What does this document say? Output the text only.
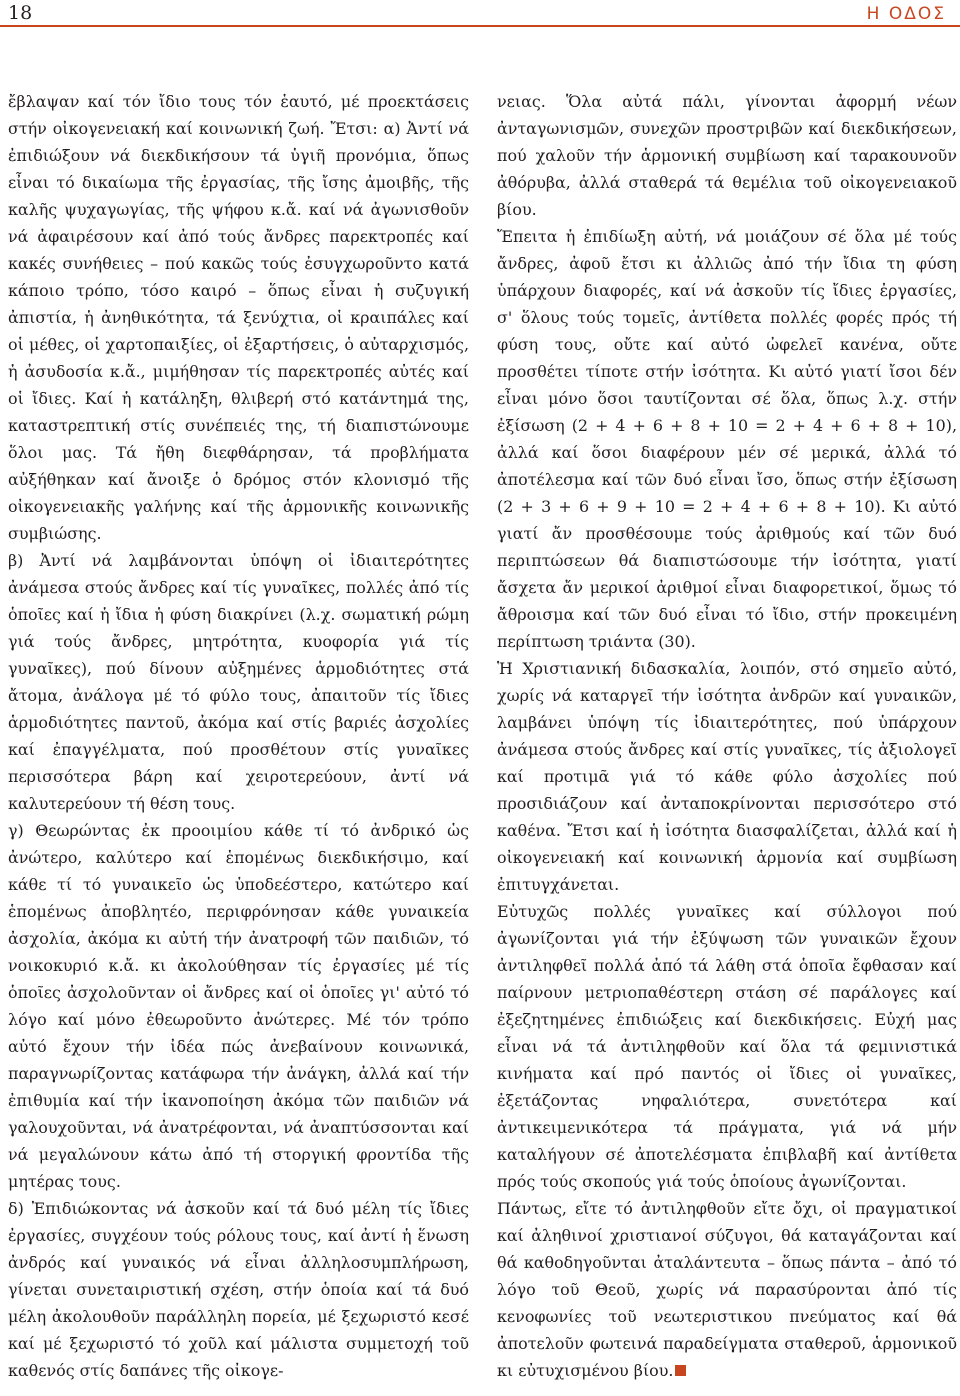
18	Η ΟΔΟΣ

ἔβλαψαν καί τόν ἴδιο τους τόν ἑαυτό, μέ προεκτάσεις στήν οἰκογενειακή καί κοινωνική ζωή. Ἔτσι: α) Ἀντί νά ἐπιδιώξουν νά διεκδικήσουν τά ὑγιῆ προνόμια, ὅπως εἶναι τό δικαίωμα τῆς ἐργασίας, τῆς ἴσης ἀμοιβῆς, τῆς καλῆς ψυχαγωγίας, τῆς ψήφου κ.ἄ. καί νά ἀγωνισθοῦν νά ἀφαιρέσουν καί ἀπό τούς ἄνδρες παρεκτροπές καί κακές συνήθειες – πού κακῶς τούς ἐσυγχωροῦντο κατά κάποιο τρόπο, τόσο καιρό – ὅπως εἶναι ἡ συζυγική ἀπιστία, ἡ ἀνηθικότητα, τά ξενύχτια, οἱ κραιπάλες καί οἱ μέθες, οἱ χαρτοπαιξίες, οἱ ἐξαρτήσεις, ὁ αὐταρχισμός, ἡ ἀσυδοσία κ.ἄ., μιμήθησαν τίς παρεκτροπές αὐτές καί οἱ ἴδιες. Καί ἡ κατάληξη, θλιβερή στό κατάντημά της, καταστρεπτική στίς συνέπειές της, τή διαπιστώνουμε ὅλοι μας. Τά ἤθη διεφθάρησαν, τά προβλήματα αὐξήθηκαν καί ἄνοιξε ὁ δρόμος στόν κλονισμό τῆς οἰκογενειακῆς γαλήνης καί τῆς ἁρμονικῆς κοινωνικῆς συμβιώσης.

β) Ἀντί νά λαμβάνονται ὑπόψη οἱ ἰδιαιτερότητες ἀνάμεσα στούς ἄνδρες καί τίς γυναῖκες, πολλές ἀπό τίς ὁποῖες καί ἡ ἴδια ἡ φύση διακρίνει (λ.χ. σωματική ρώμη γιά τούς ἄνδρες, μητρότητα, κυοφορία γιά τίς γυναῖκες), πού δίνουν αὐξημένες ἁρμοδιότητες στά ἄτομα, ἀνάλογα μέ τό φύλο τους, ἀπαιτοῦν τίς ἴδιες ἁρμοδιότητες παντοῦ, ἀκόμα καί στίς βαριές ἀσχολίες καί ἐπαγγέλματα, πού προσθέτουν στίς γυναῖκες περισσότερα βάρη καί χειροτερεύουν, ἀντί νά καλυτερεύουν τή θέση τους.

γ) Θεωρώντας ἐκ προοιμίου κάθε τί τό ἀνδρικό ὡς ἀνώτερο, καλύτερο καί ἑπομένως διεκδικήσιμο, καί κάθε τί τό γυναικεῖο ὡς ὑποδεέστερο, κατώτερο καί ἑπομένως ἀποβλητέο, περιφρόνησαν κάθε γυναικεία ἀσχολία, ἀκόμα κι αὐτή τήν ἀνατροφή τῶν παιδιῶν, τό νοικοκυριό κ.ἄ. κι ἀκολούθησαν τίς ἐργασίες μέ τίς ὁποῖες ἀσχολοῦνταν οἱ ἄνδρες καί οἱ ὁποῖες γι' αὐτό τό λόγο καί μόνο ἐθεωροῦντο ἀνώτερες. Μέ τόν τρόπο αὐτό ἔχουν τήν ἰδέα πώς ἀνεβαίνουν κοινωνικά, παραγνωρίζοντας κατάφωρα τήν ἀνάγκη, ἀλλά καί τήν ἐπιθυμία καί τήν ἱκανοποίηση ἀκόμα τῶν παιδιῶν νά γαλουχοῦνται, νά ἀνατρέφονται, νά ἀναπτύσσονται καί νά μεγαλώνουν κάτω ἀπό τή στοργική φροντίδα τῆς μητέρας τους.

δ) Ἐπιδιώκοντας νά ἀσκοῦν καί τά δυό μέλη τίς ἴδιες ἐργασίες, συγχέουν τούς ρόλους τους, καί ἀντί ἡ ἕνωση ἀνδρός καί γυναικός νά εἶναι ἀλληλοσυμπλήρωση, γίνεται συνεταιριστική σχέση, στήν ὁποία καί τά δυό μέλη ἀκολουθοῦν παράλληλη πορεία, μέ ξεχωριστό κεσέ καί μέ ξεχωριστό τό χοῦλ καί μάλιστα συμμετοχή τοῦ καθενός στίς δαπάνες τῆς οἰκογε-

νειας. Ὅλα αὐτά πάλι, γίνονται ἀφορμή νέων ἀνταγωνισμῶν, συνεχῶν προστριβῶν καί διεκδικήσεων, πού χαλοῦν τήν ἁρμονική συμβίωση καί ταρακουνοῦν ἀθόρυβα, ἀλλά σταθερά τά θεμέλια τοῦ οἰκογενειακοῦ βίου.

Ἔπειτα ἡ ἐπιδίωξη αὐτή, νά μοιάζουν σέ ὅλα μέ τούς ἄνδρες, ἀφοῦ ἔτσι κι ἀλλιῶς ἀπό τήν ἴδια τη φύση ὑπάρχουν διαφορές, καί νά ἀσκοῦν τίς ἴδιες ἐργασίες, σ' ὅλους τούς τομεῖς, ἀντίθετα πολλές φορές πρός τή φύση τους, οὔτε καί αὐτό ὠφελεῖ κανένα, οὔτε προσθέτει τίποτε στήν ἰσότητα. Κι αὐτό γιατί ἴσοι δέν εἶναι μόνο ὅσοι ταυτίζονται σέ ὅλα, ὅπως λ.χ. στήν ἐξίσωση (2 + 4 + 6 + 8 + 10 = 2 + 4 + 6 + 8 + 10), ἀλλά καί ὅσοι διαφέρουν μέν σέ μερικά, ἀλλά τό ἀποτέλεσμα καί τῶν δυό εἶναι ἴσο, ὅπως στήν ἐξίσωση (2 + 3 + 6 + 9 + 10 = 2 + 4 + 6 + 8 + 10). Κι αὐτό γιατί ἄν προσθέσουμε τούς ἀριθμούς καί τῶν δυό περιπτώσεων θά διαπιστώσουμε τήν ἰσότητα, γιατί ἄσχετα ἄν μερικοί ἀριθμοί εἶναι διαφορετικοί, ὅμως τό ἄθροισμα καί τῶν δυό εἶναι τό ἴδιο, στήν προκειμένη περίπτωση τριάντα (30).

Ἡ Χριστιανική διδασκαλία, λοιπόν, στό σημεῖο αὐτό, χωρίς νά καταργεῖ τήν ἰσότητα ἀνδρῶν καί γυναικῶν, λαμβάνει ὑπόψη τίς ἰδιαιτερότητες, πού ὑπάρχουν ἀνάμεσα στούς ἄνδρες καί στίς γυναῖκες, τίς ἀξιολογεῖ καί προτιμᾶ γιά τό κάθε φύλο ἀσχολίες πού προσιδιάζουν καί ἀνταποκρίνονται περισσότερο στό καθένα. Ἔτσι καί ἡ ἰσότητα διασφαλίζεται, ἀλλά καί ἡ οἰκογενειακή καί κοινωνική ἁρμονία καί συμβίωση ἐπιτυγχάνεται.

Εὐτυχῶς πολλές γυναῖκες καί σύλλογοι πού ἀγωνίζονται γιά τήν ἐξύψωση τῶν γυναικῶν ἔχουν ἀντιληφθεῖ πολλά ἀπό τά λάθη στά ὁποῖα ἔφθασαν καί παίρνουν μετριοπαθέστερη στάση σέ παράλογες καί ἐξεζητημένες ἐπιδιώξεις καί διεκδικήσεις. Εὐχή μας εἶναι νά τά ἀντιληφθοῦν καί ὅλα τά φεμινιστικά κινήματα καί πρό παντός οἱ ἴδιες οἱ γυναῖκες, ἐξετάζοντας νηφαλιότερα, συνετότερα καί ἀντικειμενικότερα τά πράγματα, γιά νά μήν καταλήγουν σέ ἀποτελέσματα ἐπιβλαβῆ καί ἀντίθετα πρός τούς σκοπούς γιά τούς ὁποίους ἀγωνίζονται.

Πάντως, εἴτε τό ἀντιληφθοῦν εἴτε ὄχι, οἱ πραγματικοί καί ἀληθινοί χριστιανοί σύζυγοι, θά καταγάζονται καί θά καθοδηγοῦνται ἀταλάντευτα – ὅπως πάντα – ἀπό τό λόγο τοῦ Θεοῦ, χωρίς νά παρασύρονται ἀπό τίς κενοφωνίες τοῦ νεωτεριστικου πνεύματος καί θά ἀποτελοῦν φωτεινά παραδείγματα σταθεροῦ, ἁρμονικοῦ κι εὐτυχισμένου βίου.
